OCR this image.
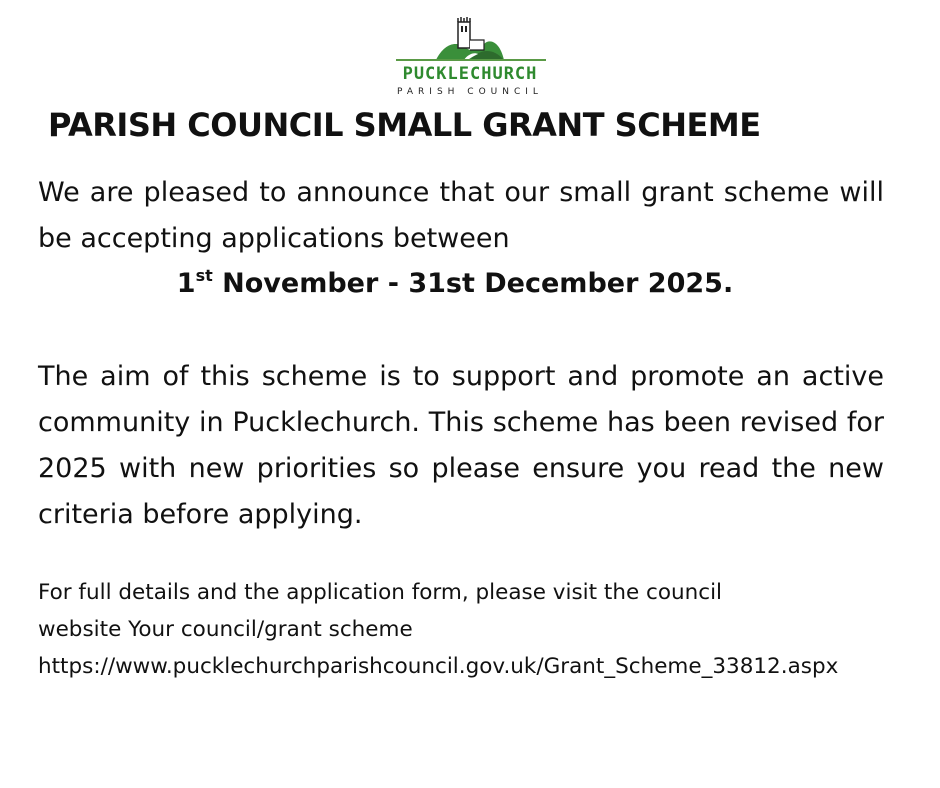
PUCKLECHURCH
PARISH COUNCIL
PARISH COUNCIL SMALL GRANT SCHEME

We are pleased to announce that our small grant scheme will be accepting applications between

1st November - 31st December 2025.

The aim of this scheme is to support and promote an active community in Pucklechurch. This scheme has been revised for 2025 with new priorities so please ensure you read the new criteria before applying.

For full details and the application form, please visit the council
website Your council/grant scheme
https://www.pucklechurchparishcouncil.gov.uk/Grant_Scheme_33812.aspx
